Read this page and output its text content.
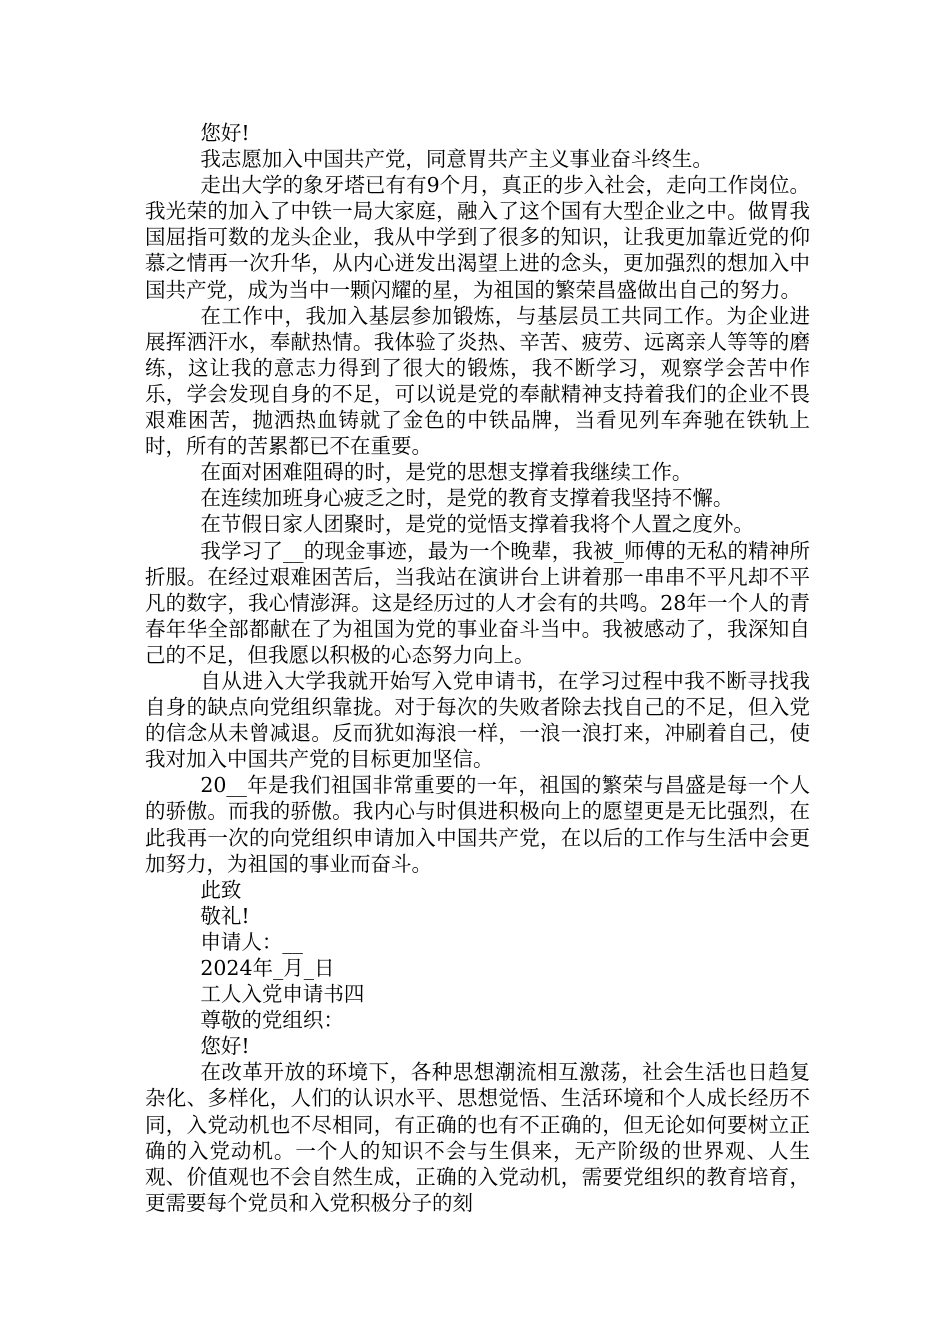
您好!

我志愿加入中国共产党，同意胃共产主义事业奋斗终生。

走出大学的象牙塔已有有9个月，真正的步入社会，走向工作岗位。我光荣的加入了中铁一局大家庭，融入了这个国有大型企业之中。做胃我国屈指可数的龙头企业，我从中学到了很多的知识，让我更加靠近党的仰慕之情再一次升华，从内心迸发出渴望上进的念头，更加强烈的想加入中国共产党，成为当中一颗闪耀的星，为祖国的繁荣昌盛做出自己的努力。

在工作中，我加入基层参加锻炼，与基层员工共同工作。为企业进展挥洒汗水，奉献热情。我体验了炎热、辛苦、疲劳、远离亲人等等的磨练，这让我的意志力得到了很大的锻炼，我不断学习，观察学会苦中作乐，学会发现自身的不足，可以说是党的奉献精神支持着我们的企业不畏艰难困苦，抛洒热血铸就了金色的中铁品牌，当看见列车奔驰在铁轨上时，所有的苦累都已不在重要。

在面对困难阻碍的时，是党的思想支撑着我继续工作。

在连续加班身心疲乏之时，是党的教育支撑着我坚持不懈。

在节假日家人团聚时，是党的觉悟支撑着我将个人置之度外。

我学习了__的现金事迹，最为一个晚辈，我被_师傅的无私的精神所折服。在经过艰难困苦后，当我站在演讲台上讲着那一串串不平凡却不平凡的数字，我心情澎湃。这是经历过的人才会有的共鸣。28年一个人的青春年华全部都献在了为祖国为党的事业奋斗当中。我被感动了，我深知自己的不足，但我愿以积极的心态努力向上。

自从进入大学我就开始写入党申请书，在学习过程中我不断寻找我自身的缺点向党组织靠拢。对于每次的失败者除去找自己的不足，但入党的信念从未曾减退。反而犹如海浪一样，一浪一浪打来，冲刷着自己，使我对加入中国共产党的目标更加坚信。

20__年是我们祖国非常重要的一年，祖国的繁荣与昌盛是每一个人的骄傲。而我的骄傲。我内心与时俱进积极向上的愿望更是无比强烈，在此我再一次的向党组织申请加入中国共产党，在以后的工作与生活中会更加努力，为祖国的事业而奋斗。

此致

敬礼!

申请人：__

2024年_月_日

工人入党申请书四

尊敬的党组织：

您好!

在改革开放的环境下，各种思想潮流相互激荡，社会生活也日趋复杂化、多样化，人们的认识水平、思想觉悟、生活环境和个人成长经历不同，入党动机也不尽相同，有正确的也有不正确的，但无论如何要树立正确的入党动机。一个人的知识不会与生俱来，无产阶级的世界观、人生观、价值观也不会自然生成，正确的入党动机，需要党组织的教育培育，更需要每个党员和入党积极分子的刻
